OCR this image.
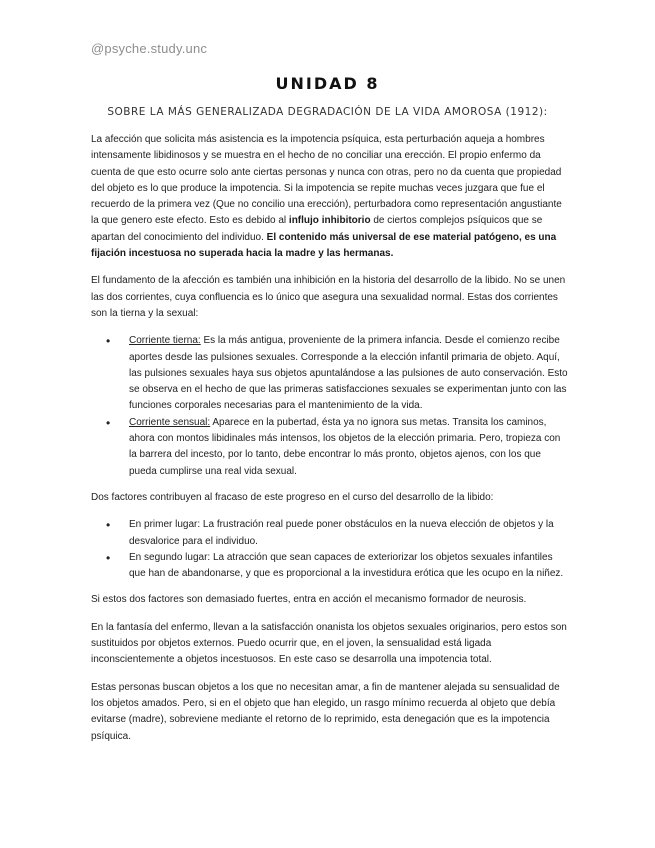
@psyche.study.unc
UNIDAD 8
SOBRE LA MÁS GENERALIZADA DEGRADACIÓN DE LA VIDA AMOROSA (1912):

La afección que solicita más asistencia es la impotencia psíquica, esta perturbación aqueja a hombres intensamente libidinosos y se muestra en el hecho de no conciliar una erección. El propio enfermo da cuenta de que esto ocurre solo ante ciertas personas y nunca con otras, pero no da cuenta que propiedad del objeto es lo que produce la impotencia. Si la impotencia se repite muchas veces juzgara que fue el recuerdo de la primera vez (Que no concilio una erección), perturbadora como representación angustiante la que genero este efecto. Esto es debido al influjo inhibitorio de ciertos complejos psíquicos que se apartan del conocimiento del individuo. El contenido más universal de ese material patógeno, es una fijación incestuosa no superada hacia la madre y las hermanas.

El fundamento de la afección es también una inhibición en la historia del desarrollo de la libido. No se unen las dos corrientes, cuya confluencia es lo único que asegura una sexualidad normal. Estas dos corrientes son la tierna y la sexual:

• Corriente tierna: Es la más antigua, proveniente de la primera infancia. Desde el comienzo recibe aportes desde las pulsiones sexuales. Corresponde a la elección infantil primaria de objeto. Aquí, las pulsiones sexuales haya sus objetos apuntalándose a las pulsiones de auto conservación. Esto se observa en el hecho de que las primeras satisfacciones sexuales se experimentan junto con las funciones corporales necesarias para el mantenimiento de la vida.
• Corriente sensual: Aparece en la pubertad, ésta ya no ignora sus metas. Transita los caminos, ahora con montos libidinales más intensos, los objetos de la elección primaria. Pero, tropieza con la barrera del incesto, por lo tanto, debe encontrar lo más pronto, objetos ajenos, con los que pueda cumplirse una real vida sexual.

Dos factores contribuyen al fracaso de este progreso en el curso del desarrollo de la libido:

• En primer lugar: La frustración real puede poner obstáculos en la nueva elección de objetos y la desvalorice para el individuo.
• En segundo lugar: La atracción que sean capaces de exteriorizar los objetos sexuales infantiles que han de abandonarse, y que es proporcional a la investidura erótica que les ocupo en la niñez.

Si estos dos factores son demasiado fuertes, entra en acción el mecanismo formador de neurosis.

En la fantasía del enfermo, llevan a la satisfacción onanista los objetos sexuales originarios, pero estos son sustituidos por objetos externos. Puedo ocurrir que, en el joven, la sensualidad está ligada inconscientemente a objetos incestuosos. En este caso se desarrolla una impotencia total.

Estas personas buscan objetos a los que no necesitan amar, a fin de mantener alejada su sensualidad de los objetos amados. Pero, si en el objeto que han elegido, un rasgo mínimo recuerda al objeto que debía evitarse (madre), sobreviene mediante el retorno de lo reprimido, esta denegación que es la impotencia psíquica.
